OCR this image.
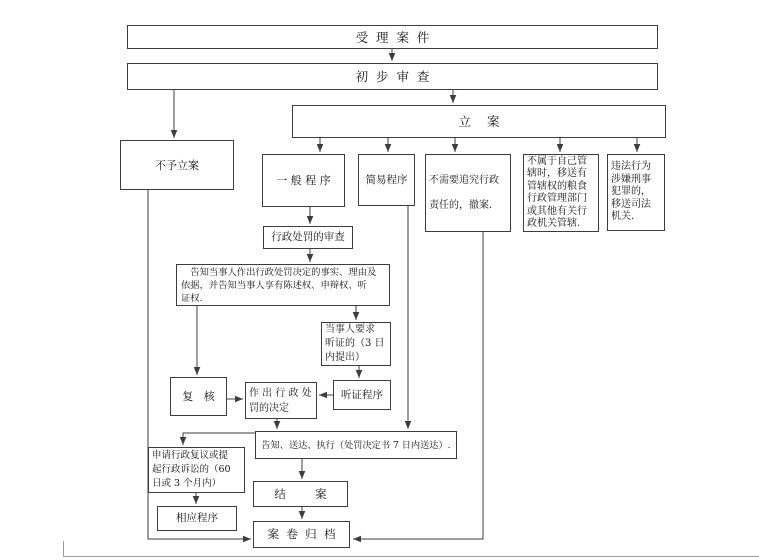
受  理  案  件
初  步  审  查
立    案
不予立案
一 般 程 序	简易程序	不需要追究行政
责任的，撤案.
不属于自己管
辖时，移送有
管辖权的粮食
行政管理部门
或其他有关行
政机关管辖.
违法行为
涉嫌刑事
犯罪的，
移送司法
机关.
行政处罚的审查
　告知当事人作出行政处罚决定的事实、理由及
依据，并告知当事人享有陈述权、申辩权、听
证权.
当事人要求
听证的（3 日
内提出）
复   核	作 出 行 政 处
罚的决定
听证程序
告知、送达、执行（处罚决定书 7 日内送达）.
申请行政复议或提
起行政诉讼的（60
日或 3 个月内）
相应程序
结        案
案  卷  归  档
